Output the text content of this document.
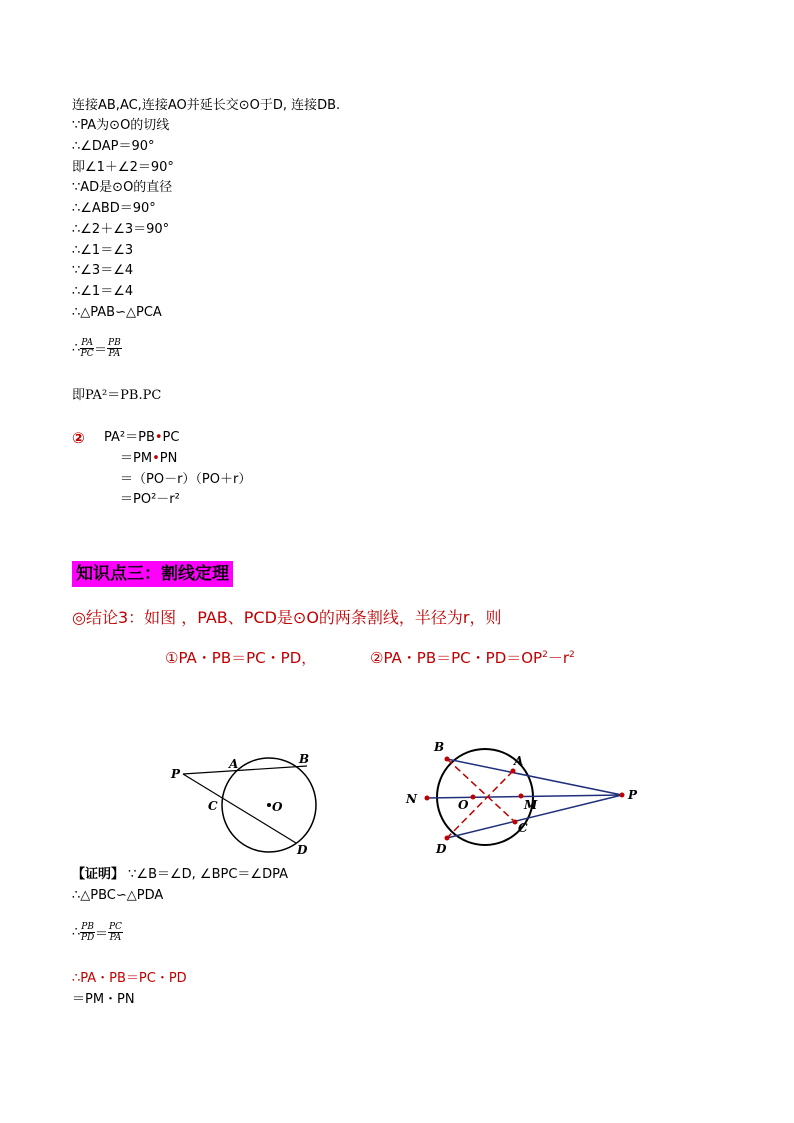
连接AB,AC,连接AO并延长交⊙O于D, 连接DB.
∵PA为⊙O的切线
∴∠DAP＝90°
即∠1＋∠2＝90°
∵AD是⊙O的直径
∴∠ABD＝90°
∴∠2＋∠3＝90°
∴∠1＝∠3
∵∠3＝∠4
∴∠1＝∠4
∴△PAB∽△PCA
∴ $\frac{PA}{PC} = \frac{PB}{PA}$
即PA²＝PB.PC
② PA²＝PB•PC
＝PM•PN
＝（PO－r）（PO＋r）
＝PO²－r²
知识点三：割线定理
◎结论3：如图 ，PAB、PCD是⊙O的两条割线，半径为r，则
①PA・PB＝PC・PD，	②PA・PB＝PC・$PD=OP^2-r^2$
P
A	B
C	O
D
B
A
N	O	M
P
C
D
【证明】 ∵∠B＝∠D, ∠BPC＝∠DPA
∴△PBC∽△PDA
∴ $\frac{PB}{PD} = \frac{PC}{PA}$
∴PA・PB＝PC・PD
＝PM・PN
